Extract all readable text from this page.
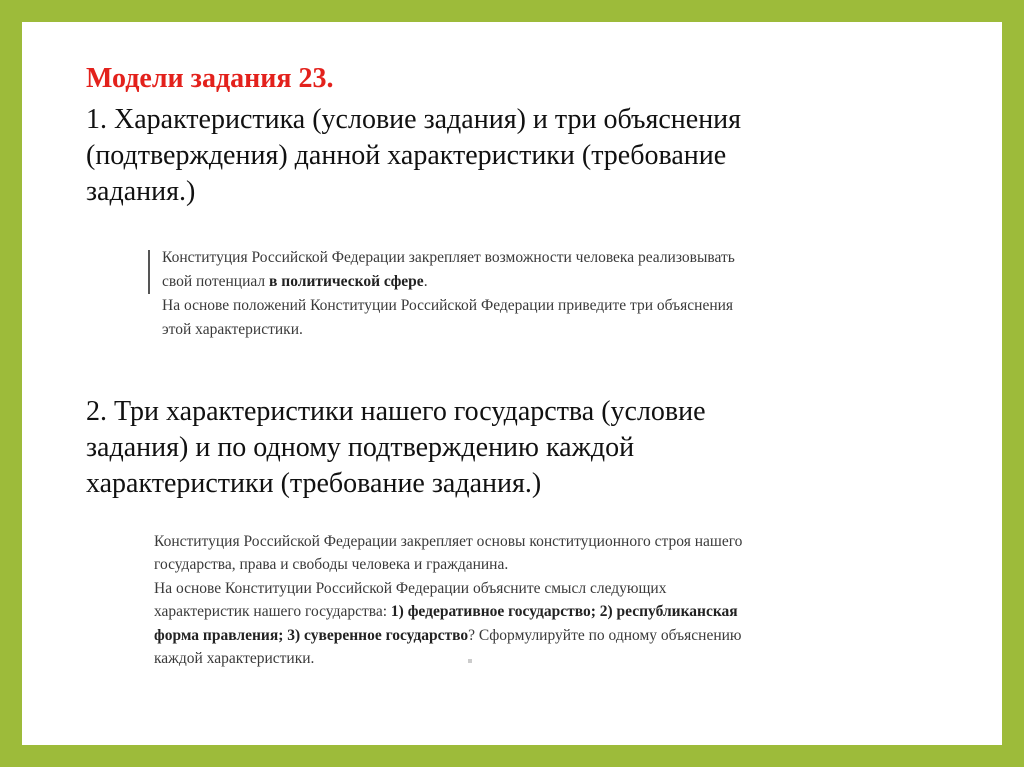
Модели задания 23.
1. Характеристика (условие задания) и три объяснения
(подтверждения) данной характеристики (требование
задания.)
Конституция Российской Федерации закрепляет возможности человека реализовывать
свой потенциал в политической сфере.
На основе положений Конституции Российской Федерации приведите три объяснения
этой характеристики.
2. Три характеристики нашего государства (условие
задания) и по одному подтверждению каждой
характеристики (требование задания.)
Конституция Российской Федерации закрепляет основы конституционного строя нашего
государства, права и свободы человека и гражданина.
На основе Конституции Российской Федерации объясните смысл следующих
характеристик нашего государства: 1) федеративное государство; 2) республиканская
форма правления; 3) суверенное государство? Сформулируйте по одному объяснению
каждой характеристики.
